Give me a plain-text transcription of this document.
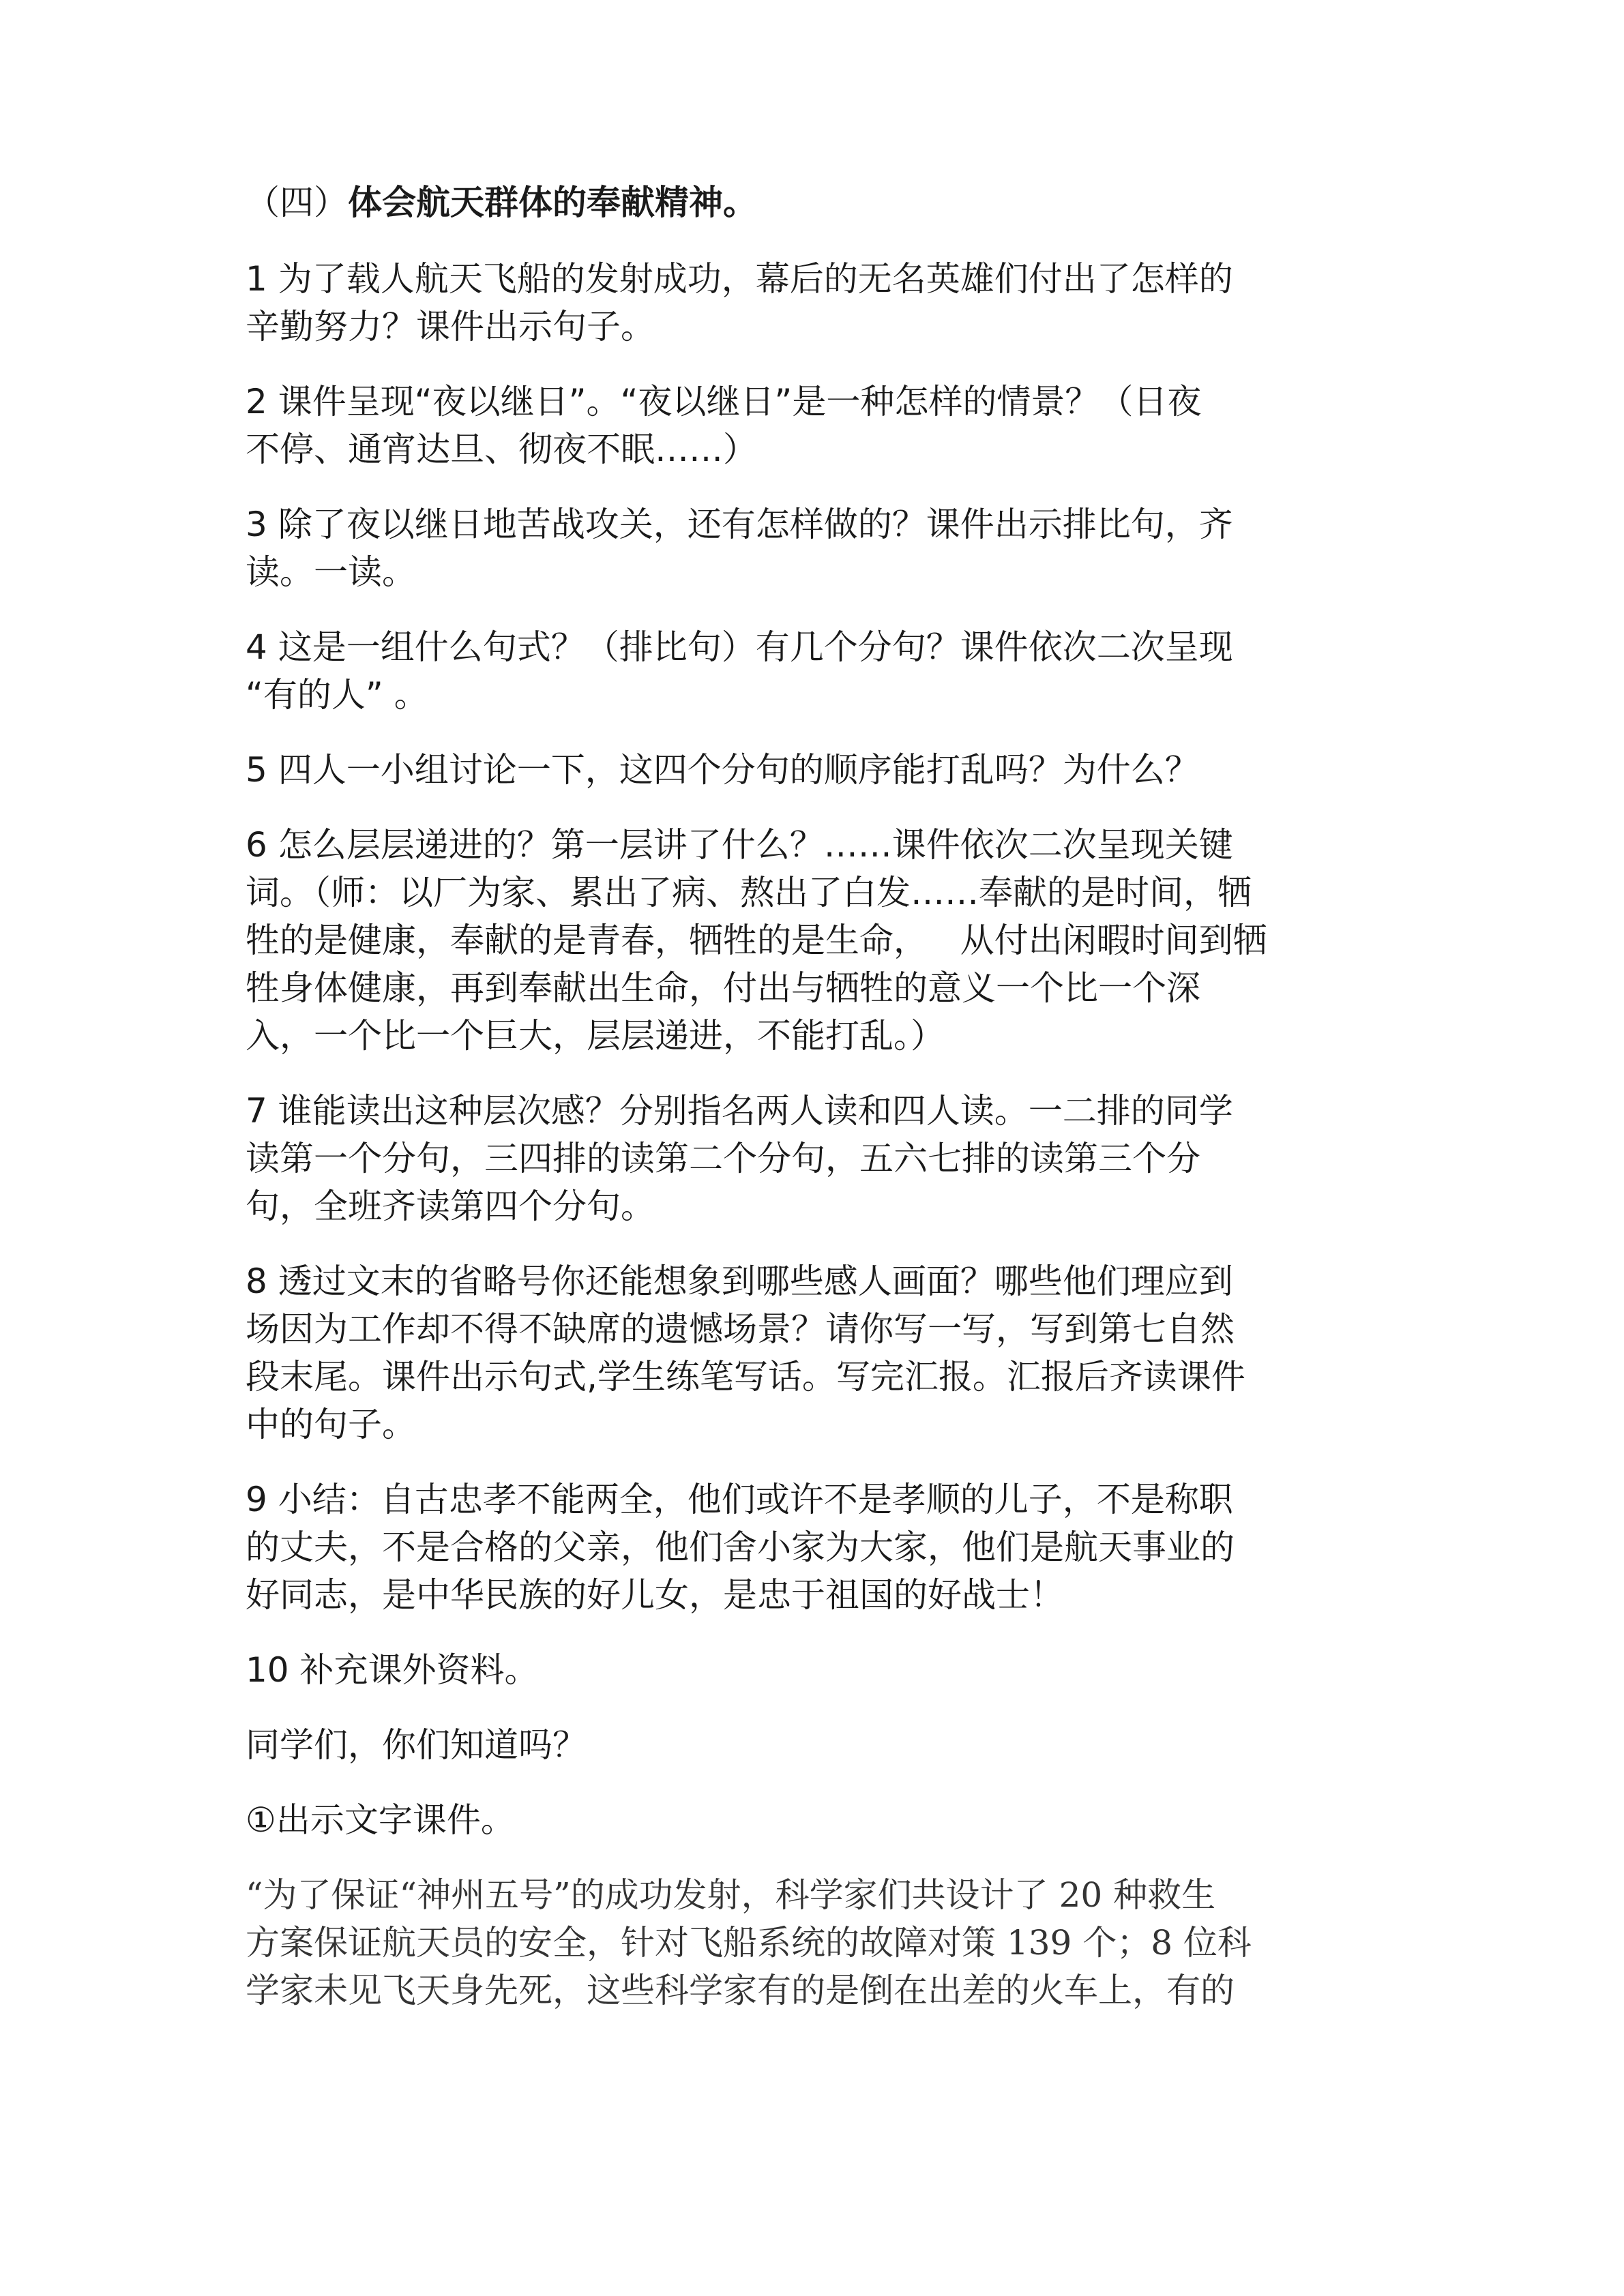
（四）体会航天群体的奉献精神。

1 为了载人航天飞船的发射成功，幕后的无名英雄们付出了怎样的
辛勤努力？课件出示句子。

2 课件呈现“夜以继日”。“夜以继日”是一种怎样的情景？（日夜
不停、通宵达旦、彻夜不眠……）

3 除了夜以继日地苦战攻关，还有怎样做的？课件出示排比句，齐
读。一读。

4 这是一组什么句式？（排比句）有几个分句？课件依次二次呈现
“有的人” 。

5 四人一小组讨论一下，这四个分句的顺序能打乱吗？为什么？

6 怎么层层递进的？第一层讲了什么？……课件依次二次呈现关键
词。（师：以厂为家、累出了病、熬出了白发……奉献的是时间，牺
牲的是健康，奉献的是青春，牺牲的是生命，   从付出闲暇时间到牺
牲身体健康，再到奉献出生命，付出与牺牲的意义一个比一个深
入，一个比一个巨大，层层递进，不能打乱。）

7 谁能读出这种层次感？分别指名两人读和四人读。一二排的同学
读第一个分句，三四排的读第二个分句，五六七排的读第三个分
句，全班齐读第四个分句。

8 透过文末的省略号你还能想象到哪些感人画面？哪些他们理应到
场因为工作却不得不缺席的遗憾场景？请你写一写，写到第七自然
段末尾。课件出示句式,学生练笔写话。写完汇报。汇报后齐读课件
中的句子。

9 小结：自古忠孝不能两全，他们或许不是孝顺的儿子，不是称职
的丈夫，不是合格的父亲，他们舍小家为大家，他们是航天事业的
好同志，是中华民族的好儿女，是忠于祖国的好战士！

10 补充课外资料。

同学们，你们知道吗？

①出示文字课件。

“为了保证“神州五号”的成功发射，科学家们共设计了 20 种救生
方案保证航天员的安全，针对飞船系统的故障对策 139 个；8 位科
学家未见飞天身先死，这些科学家有的是倒在出差的火车上，有的
